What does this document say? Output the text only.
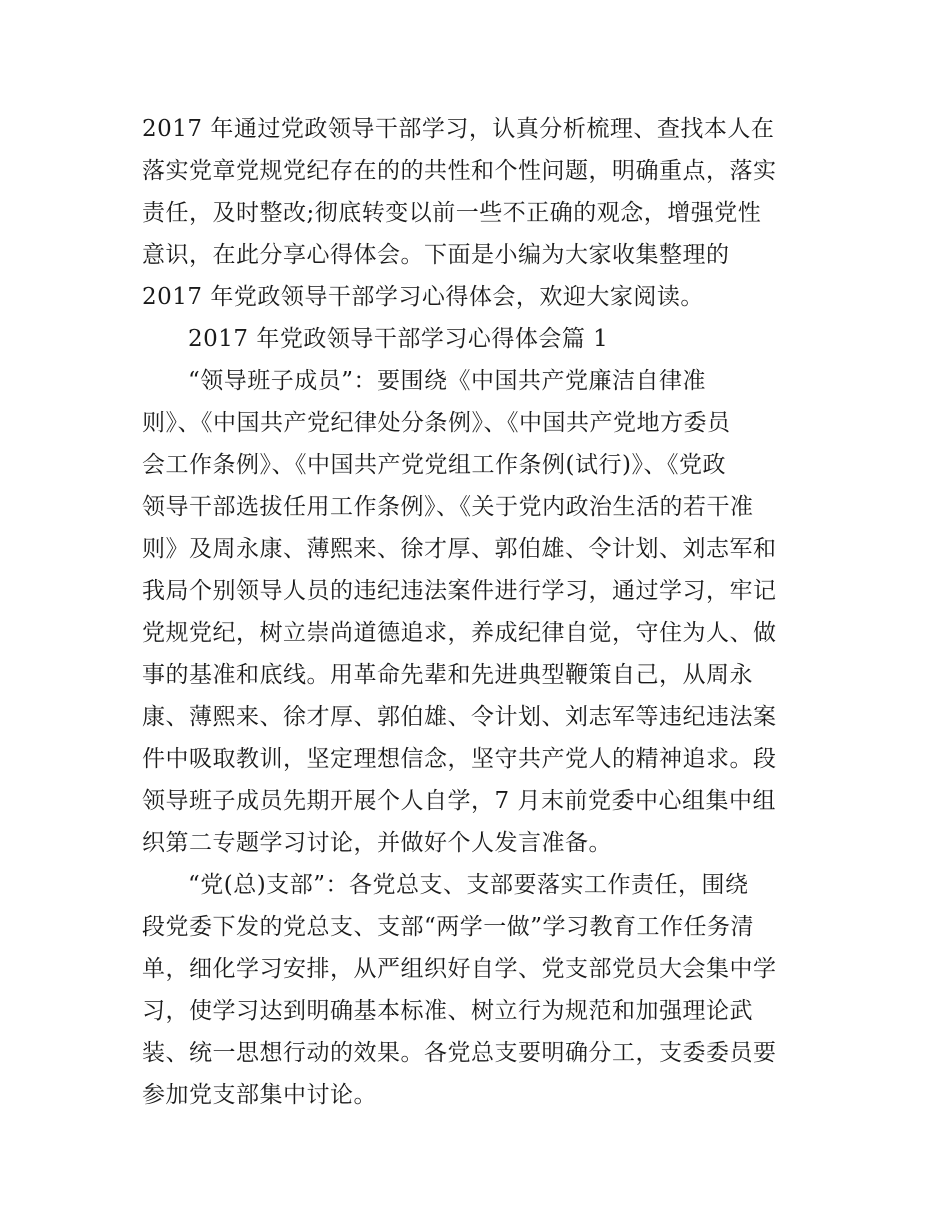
2017 年通过党政领导干部学习，认真分析梳理、查找本人在
落实党章党规党纪存在的的共性和个性问题，明确重点，落实
责任，及时整改;彻底转变以前一些不正确的观念，增强党性
意识，在此分享心得体会。下面是小编为大家收集整理的
2017 年党政领导干部学习心得体会，欢迎大家阅读。
2017 年党政领导干部学习心得体会篇 1
“领导班子成员”：要围绕《中国共产党廉洁自律准
则》、《中国共产党纪律处分条例》、《中国共产党地方委员
会工作条例》、《中国共产党党组工作条例(试行)》、《党政
领导干部选拔任用工作条例》、《关于党内政治生活的若干准
则》及周永康、薄熙来、徐才厚、郭伯雄、令计划、刘志军和
我局个别领导人员的违纪违法案件进行学习，通过学习，牢记
党规党纪，树立崇尚道德追求，养成纪律自觉，守住为人、做
事的基准和底线。用革命先辈和先进典型鞭策自己，从周永
康、薄熙来、徐才厚、郭伯雄、令计划、刘志军等违纪违法案
件中吸取教训，坚定理想信念，坚守共产党人的精神追求。段
领导班子成员先期开展个人自学，7 月末前党委中心组集中组
织第二专题学习讨论，并做好个人发言准备。
“党(总)支部”：各党总支、支部要落实工作责任，围绕
段党委下发的党总支、支部“两学一做”学习教育工作任务清
单，细化学习安排，从严组织好自学、党支部党员大会集中学
习，使学习达到明确基本标准、树立行为规范和加强理论武
装、统一思想行动的效果。各党总支要明确分工，支委委员要
参加党支部集中讨论。
